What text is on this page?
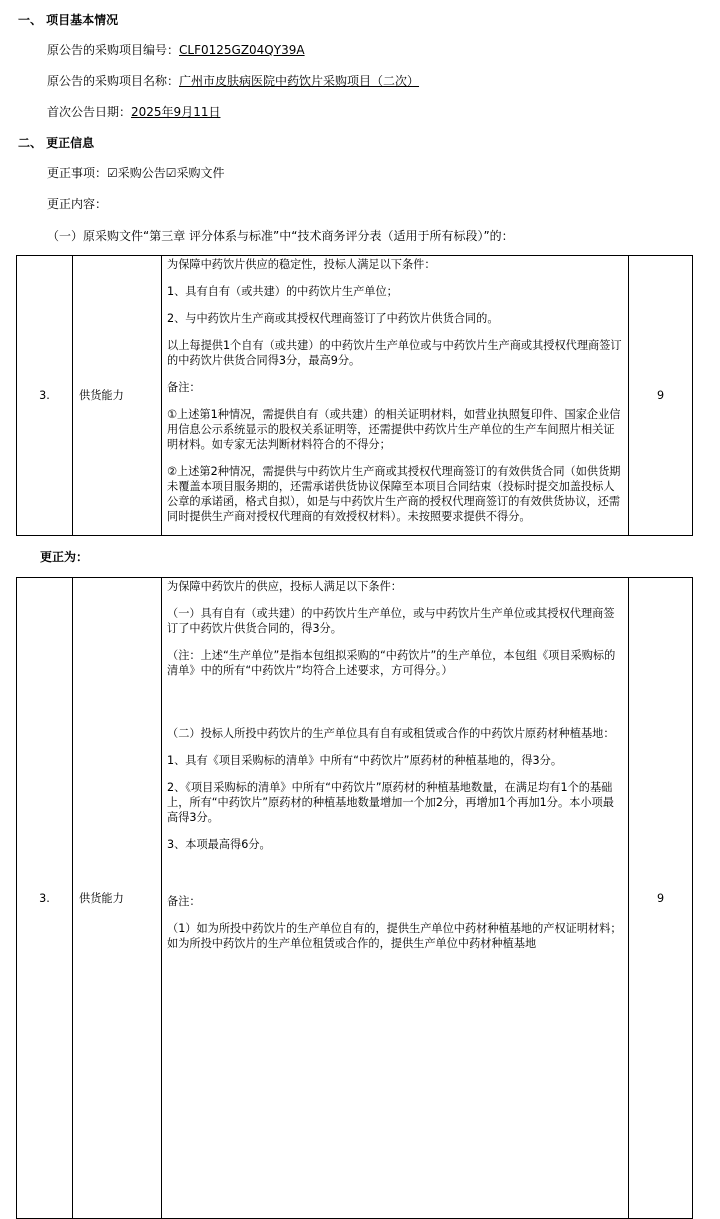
一、 项目基本情况
原公告的采购项目编号：CLF0125GZ04QY39A
原公告的采购项目名称：广州市皮肤病医院中药饮片采购项目（二次）
首次公告日期：2025年9月11日
二、 更正信息
更正事项：☑采购公告☑采购文件
更正内容：
（一）原采购文件“第三章 评分体系与标准”中“技术商务评分表（适用于所有标段）”的：
3.	供货能力	
为保障中药饮片供应的稳定性，投标人满足以下条件：
1、具有自有（或共建）的中药饮片生产单位；
2、与中药饮片生产商或其授权代理商签订了中药饮片供货合同的。
以上每提供1个自有（或共建）的中药饮片生产单位或与中药饮片生产商或其授权代理商签订的中药饮片供货合同得3分，最高9分。
备注：
①上述第1种情况，需提供自有（或共建）的相关证明材料，如营业执照复印件、国家企业信用信息公示系统显示的股权关系证明等，还需提供中药饮片生产单位的生产车间照片相关证明材料。如专家无法判断材料符合的不得分；
②上述第2种情况，需提供与中药饮片生产商或其授权代理商签订的有效供货合同（如供货期未覆盖本项目服务期的，还需承诺供货协议保障至本项目合同结束（投标时提交加盖投标人公章的承诺函，格式自拟），如是与中药饮片生产商的授权代理商签订的有效供货协议，还需同时提供生产商对授权代理商的有效授权材料）。未按照要求提供不得分。
	9
更正为：
3.	供货能力	
为保障中药饮片的供应，投标人满足以下条件：
（一）具有自有（或共建）的中药饮片生产单位，或与中药饮片生产单位或其授权代理商签订了中药饮片供货合同的，得3分。
（注：上述“生产单位”是指本包组拟采购的“中药饮片”的生产单位，本包组《项目采购标的清单》中的所有“中药饮片”均符合上述要求，方可得分。）
（二）投标人所投中药饮片的生产单位具有自有或租赁或合作的中药饮片原药材种植基地：
1、具有《项目采购标的清单》中所有“中药饮片”原药材的种植基地的，得3分。
2、《项目采购标的清单》中所有“中药饮片”原药材的种植基地数量，在满足均有1个的基础上，所有“中药饮片”原药材的种植基地数量增加一个加2分，再增加1个再加1分。本小项最高得3分。
3、本项最高得6分。
备注：
（1）如为所投中药饮片的生产单位自有的，提供生产单位中药材种植基地的产权证明材料；如为所投中药饮片的生产单位租赁或合作的，提供生产单位中药材种植基地
	9
